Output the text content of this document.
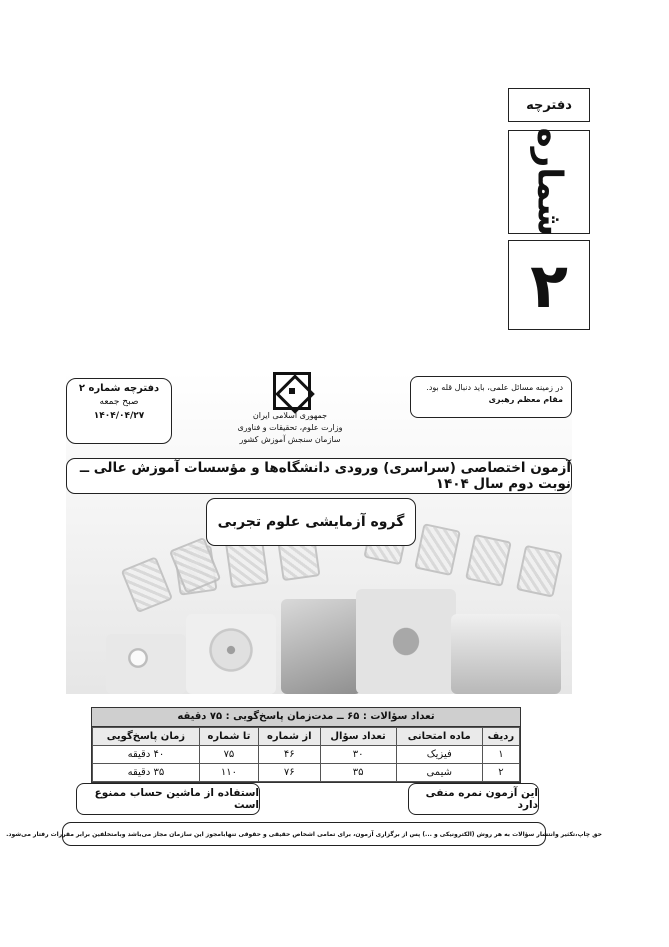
دفترچه
شماره
۲
دفترچه شماره ۲
صبح جمعه
۱۴۰۴/۰۴/۲۷	جمهوری اسلامی ایران
وزارت علوم، تحقیقات و فناوری
سازمان سنجش آموزش کشور
در زمینه مسائل علمی، باید دنبال قله بود.
مقام معظم رهبری
آزمون اختصاصی (سراسری) ورودی دانشگاه‌ها و مؤسسات آموزش عالی ــ نوبت دوم سال ۱۴۰۴
گروه آزمایشی علوم تجربی
تعداد سؤالات : ۶۵ ــ مدت‌زمان پاسخ‌گویی : ۷۵ دقیقه
ردیف	ماده امتحانی	تعداد سؤال	از شماره	تا شماره	زمان پاسخ‌گویی
۱	فیزیک	۳۰	۴۶	۷۵	۴۰ دقیقه
۲	شیمی	۳۵	۷۶	۱۱۰	۳۵ دقیقه
این آزمون نمره منفی دارد
استفاده از ماشین حساب ممنوع است
حق چاپ،تکثیر وانتشار سؤالات به هر روش (الکترونیکی و ...) پس از برگزاری آزمون، برای تمامی اشخاص حقیقی و حقوقی تنهابامجوز این سازمان مجاز می‌باشد وبامتخلفین برابر مقررات رفتار می‌شود.
